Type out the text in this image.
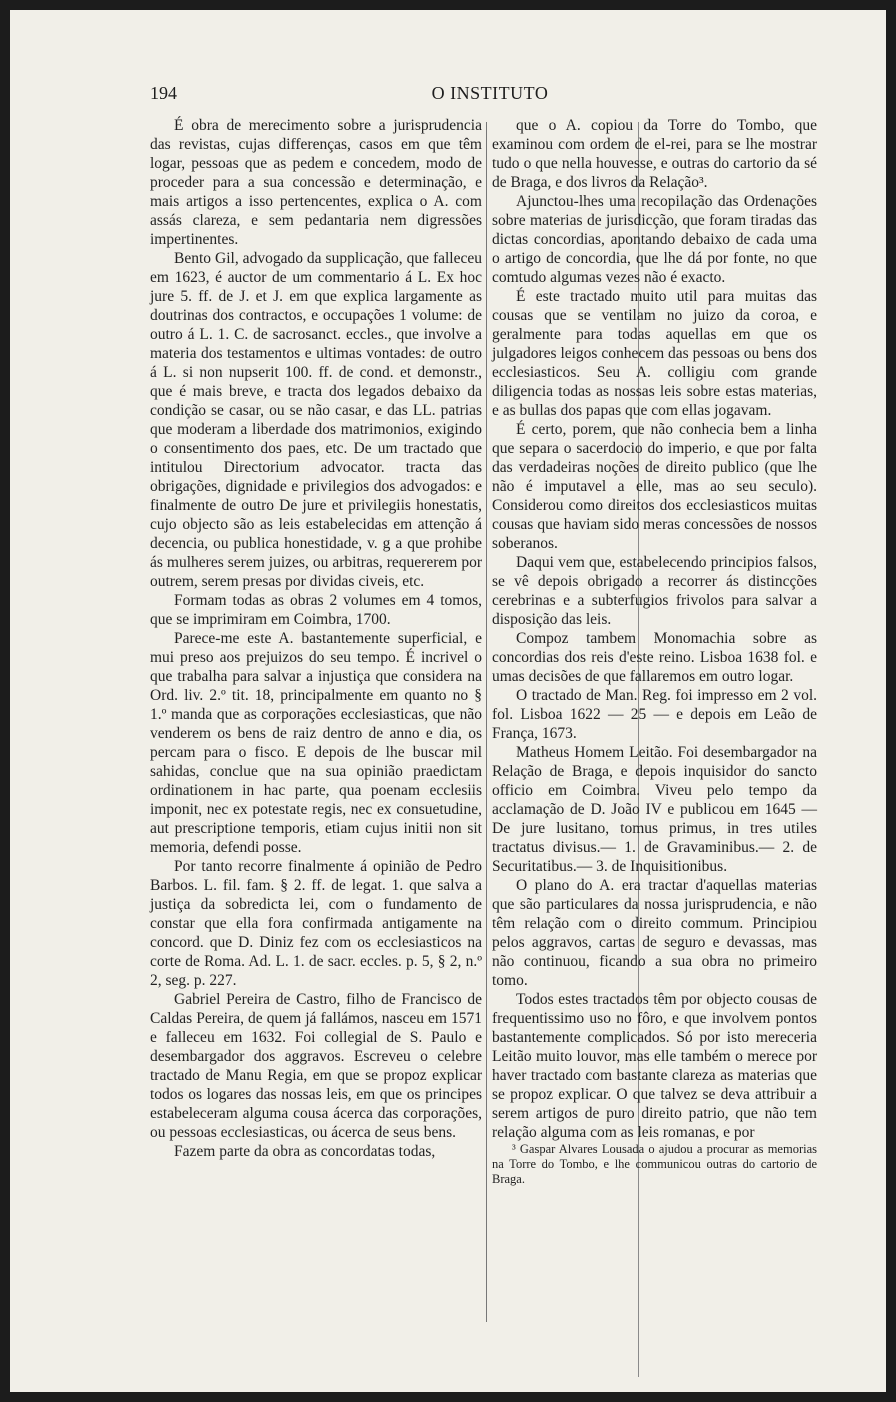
194	O INSTITUTO

É obra de merecimento sobre a jurisprudencia das revistas, cujas differenças, casos em que têm logar, pessoas que as pedem e concedem, modo de proceder para a sua concessão e determinação, e mais artigos a isso pertencentes, explica o A. com assás clareza, e sem pedantaria nem digressões impertinentes.

Bento Gil, advogado da supplicação, que falleceu em 1623, é auctor de um commentario á L. Ex hoc jure 5. ff. de J. et J. em que explica largamente as doutrinas dos contractos, e occupações 1 volume: de outro á L. 1. C. de sacrosanct. eccles., que involve a materia dos testamentos e ultimas vontades: de outro á L. si non nupserit 100. ff. de cond. et demonstr., que é mais breve, e tracta dos legados debaixo da condição se casar, ou se não casar, e das LL. patrias que moderam a liberdade dos matrimonios, exigindo o consentimento dos paes, etc. De um tractado que intitulou Directorium advocator. tracta das obrigações, dignidade e privilegios dos advogados: e finalmente de outro De jure et privilegiis honestatis, cujo objecto são as leis estabelecidas em attenção á decencia, ou publica honestidade, v. g a que prohibe ás mulheres serem juizes, ou arbitras, requererem por outrem, serem presas por dividas civeis, etc.

Formam todas as obras 2 volumes em 4 tomos, que se imprimiram em Coimbra, 1700.

Parece-me este A. bastantemente superficial, e mui preso aos prejuizos do seu tempo. É incrivel o que trabalha para salvar a injustiça que considera na Ord. liv. 2.º tit. 18, principalmente em quanto no § 1.º manda que as corporações ecclesiasticas, que não venderem os bens de raiz dentro de anno e dia, os percam para o fisco. E depois de lhe buscar mil sahidas, conclue que na sua opinião praedictam ordinationem in hac parte, qua poenam ecclesiis imponit, nec ex potestate regis, nec ex consuetudine, aut prescriptione temporis, etiam cujus initii non sit memoria, defendi posse.

Por tanto recorre finalmente á opinião de Pedro Barbos. L. fil. fam. § 2. ff. de legat. 1. que salva a justiça da sobredicta lei, com o fundamento de constar que ella fora confirmada antigamente na concord. que D. Diniz fez com os ecclesiasticos na corte de Roma. Ad. L. 1. de sacr. eccles. p. 5, § 2, n.º 2, seg. p. 227.

Gabriel Pereira de Castro, filho de Francisco de Caldas Pereira, de quem já fallámos, nasceu em 1571 e falleceu em 1632. Foi collegial de S. Paulo e desembargador dos aggravos. Escreveu o celebre tractado de Manu Regia, em que se propoz explicar todos os logares das nossas leis, em que os principes estabeleceram alguma cousa ácerca das corporações, ou pessoas ecclesiasticas, ou ácerca de seus bens.

Fazem parte da obra as concordatas todas,

que o A. copiou da Torre do Tombo, que examinou com ordem de el-rei, para se lhe mostrar tudo o que nella houvesse, e outras do cartorio da sé de Braga, e dos livros da Relação³.

Ajunctou-lhes uma recopilação das Ordenações sobre materias de jurisdicção, que foram tiradas das dictas concordias, apontando debaixo de cada uma o artigo de concordia, que lhe dá por fonte, no que comtudo algumas vezes não é exacto.

É este tractado muito util para muitas das cousas que se ventilam no juizo da coroa, e geralmente para todas aquellas em que os julgadores leigos conhecem das pessoas ou bens dos ecclesiasticos. Seu A. colligiu com grande diligencia todas as nossas leis sobre estas materias, e as bullas dos papas que com ellas jogavam.

É certo, porem, que não conhecia bem a linha que separa o sacerdocio do imperio, e que por falta das verdadeiras noções de direito publico (que lhe não é imputavel a elle, mas ao seu seculo). Considerou como direitos dos ecclesiasticos muitas cousas que haviam sido meras concessões de nossos soberanos.

Daqui vem que, estabelecendo principios falsos, se vê depois obrigado a recorrer ás distincções cerebrinas e a subterfugios frivolos para salvar a disposição das leis.

Compoz tambem Monomachia sobre as concordias dos reis d'este reino. Lisboa 1638 fol. e umas decisões de que fallaremos em outro logar.

O tractado de Man. Reg. foi impresso em 2 vol. fol. Lisboa 1622 — 25 — e depois em Leão de França, 1673.

Matheus Homem Leitão. Foi desembargador na Relação de Braga, e depois inquisidor do sancto officio em Coimbra. Viveu pelo tempo da acclamação de D. João IV e publicou em 1645 — De jure lusitano, tomus primus, in tres utiles tractatus divisus.— 1. de Gravaminibus.— 2. de Securitatibus.— 3. de Inquisitionibus.

O plano do A. era tractar d'aquellas materias que são particulares da nossa jurisprudencia, e não têm relação com o direito commum. Principiou pelos aggravos, cartas de seguro e devassas, mas não continuou, ficando a sua obra no primeiro tomo.

Todos estes tractados têm por objecto cousas de frequentissimo uso no fôro, e que involvem pontos bastantemente complicados. Só por isto mereceria Leitão muito louvor, mas elle também o merece por haver tractado com bastante clareza as materias que se propoz explicar. O que talvez se deva attribuir a serem artigos de puro direito patrio, que não tem relação alguma com as leis romanas, e por

³ Gaspar Alvares Lousada o ajudou a procurar as memorias na Torre do Tombo, e lhe communicou outras do cartorio de Braga.
